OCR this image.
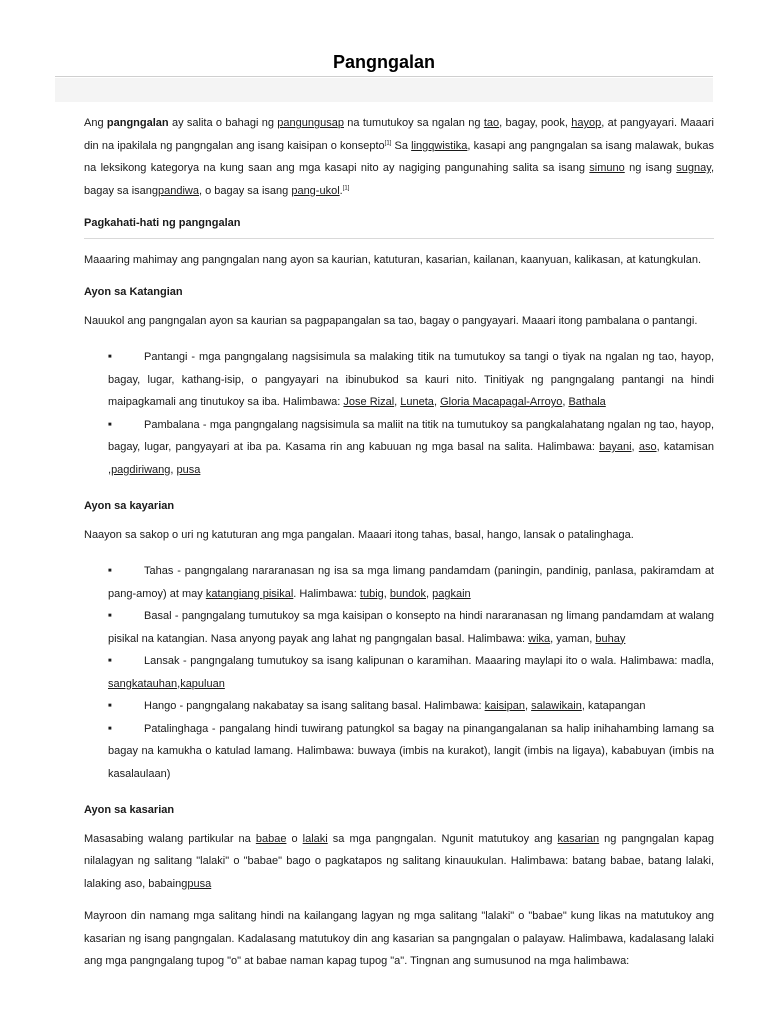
Pangngalan

Ang pangngalan ay salita o bahagi ng pangungusap na tumutukoy sa ngalan ng tao, bagay, pook, hayop, at pangyayari. Maaari din na ipakilala ng pangngalan ang isang kaisipan o konsepto[1] Sa lingqwistika, kasapi ang pangngalan sa isang malawak, bukas na leksikong kategorya na kung saan ang mga kasapi nito ay nagiging pangunahing salita sa isang simuno ng isang sugnay, bagay sa isangpandiwa, o bagay sa isang pang-ukol.[1]

Pagkahati-hati ng pangngalan

Maaaring mahimay ang pangngalan nang ayon sa kaurian, katuturan, kasarian, kailanan, kaanyuan, kalikasan, at katungkulan.

Ayon sa Katangian

Nauukol ang pangngalan ayon sa kaurian sa pagpapangalan sa tao, bagay o pangyayari. Maaari itong pambalana o pantangi.

■	Pantangi - mga pangngalang nagsisimula sa malaking titik na tumutukoy sa tangi o tiyak na ngalan ng tao, hayop, bagay, lugar, kathang-isip, o pangyayari na ibinubukod sa kauri nito. Tinitiyak ng pangngalang pantangi na hindi maipagkamali ang tinutukoy sa iba. Halimbawa: Jose Rizal, Luneta, Gloria Macapagal-Arroyo, Bathala
■	Pambalana - mga pangngalang nagsisimula sa maliit na titik na tumutukoy sa pangkalahatang ngalan ng tao, hayop, bagay, lugar, pangyayari at iba pa. Kasama rin ang kabuuan ng mga basal na salita. Halimbawa: bayani, aso, katamisan ,pagdiriwang, pusa

Ayon sa kayarian

Naayon sa sakop o uri ng katuturan ang mga pangalan. Maaari itong tahas, basal, hango, lansak o patalinghaga.

■	Tahas - pangngalang nararanasan ng isa sa mga limang pandamdam (paningin, pandinig, panlasa, pakiramdam at pang-amoy) at may katangiang pisikal. Halimbawa: tubig, bundok, pagkain
■	Basal - pangngalang tumutukoy sa mga kaisipan o konsepto na hindi nararanasan ng limang pandamdam at walang pisikal na katangian. Nasa anyong payak ang lahat ng pangngalan basal. Halimbawa: wika, yaman, buhay
■	Lansak - pangngalang tumutukoy sa isang kalipunan o karamihan. Maaaring maylapi ito o wala. Halimbawa: madla, sangkatauhan,kapuluan
■	Hango - pangngalang nakabatay sa isang salitang basal. Halimbawa: kaisipan, salawikain, katapangan
■	Patalinghaga - pangalang hindi tuwirang patungkol sa bagay na pinangangalanan sa halip inihahambing lamang sa bagay na kamukha o katulad lamang. Halimbawa: buwaya (imbis na kurakot), langit (imbis na ligaya), kababuyan (imbis na kasalaulaan)

Ayon sa kasarian

Masasabing walang partikular na babae o lalaki sa mga pangngalan. Ngunit matutukoy ang kasarian ng pangngalan kapag nilalagyan ng salitang "lalaki" o "babae" bago o pagkatapos ng salitang kinauukulan. Halimbawa: batang babae, batang lalaki, lalaking aso, babaingpusa

Mayroon din namang mga salitang hindi na kailangang lagyan ng mga salitang "lalaki" o "babae" kung likas na matutukoy ang kasarian ng isang pangngalan. Kadalasang matutukoy din ang kasarian sa pangngalan o palayaw. Halimbawa, kadalasang lalaki ang mga pangngalang tupog "o" at babae naman kapag tupog "a". Tingnan ang sumusunod na mga halimbawa:
